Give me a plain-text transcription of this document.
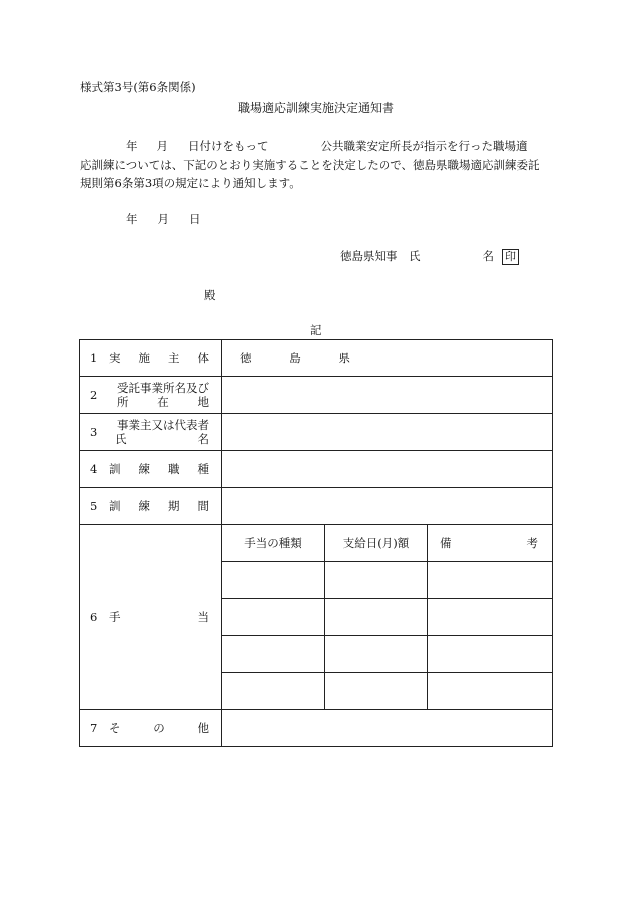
様式第3号(第6条関係)
職場適応訓練実施決定通知書
年 月 日付けをもって	公共職業安定所長が指示を行った職場適
応訓練については、下記のとおり実施することを決定したので、徳島県職場適応訓練委託
規則第6条第3項の規定により通知します。
年 月 日
徳島県知事　氏	名 印
殿
記
1 実 施 主 体	徳 島 県		

2 受託事業所名及び
所 在 地			

3 事業主又は代表者
氏 名			

4 訓 練 職 種			

5 訓 練 期 間			

6 手 当	手当の種類	支給日(月)額	備 考

7 そ の 他			
